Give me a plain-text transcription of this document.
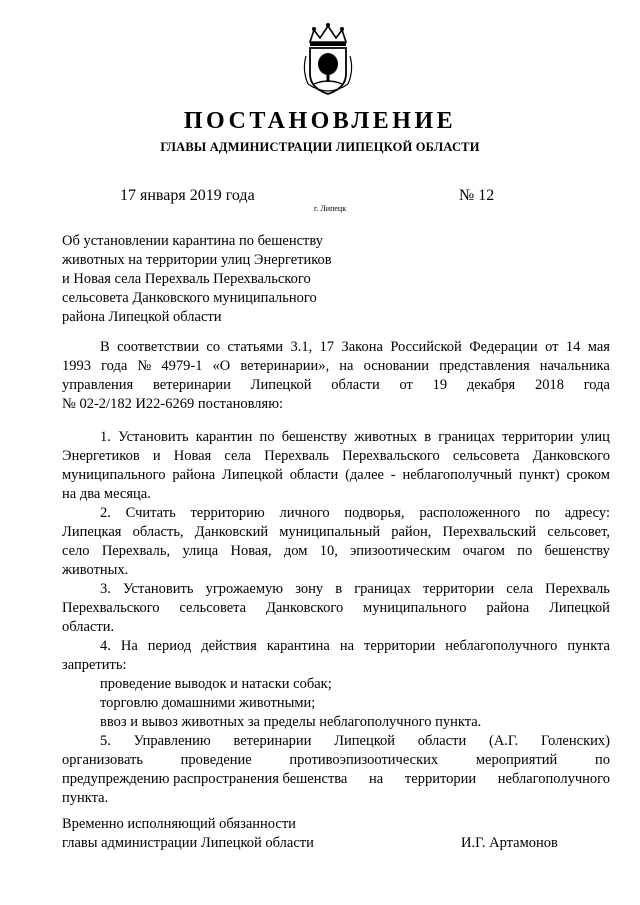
ПОСТАНОВЛЕНИЕ
ГЛАВЫ АДМИНИСТРАЦИИ ЛИПЕЦКОЙ ОБЛАСТИ
17 января 2019 года
г. Липецк
№ 12
Об установлении карантина по бешенству
животных на территории улиц Энергетиков
и Новая села Перехваль Перехвальского
сельсовета Данковского муниципального
района Липецкой области
В соответствии со статьями 3.1, 17 Закона Российской Федерации от 14 мая
1993 года № 4979-1 «О ветеринарии», на основании представления начальника
управления ветеринарии Липецкой области от 19 декабря 2018 года
№ 02-2/182 И22-6269 постановляю:
1. Установить карантин по бешенству животных в границах территории улиц
Энергетиков и Новая села Перехваль Перехвальского сельсовета Данковского
муниципального района Липецкой области (далее - неблагополучный пункт) сроком
на два месяца.
2. Считать территорию личного подворья, расположенного по адресу:
Липецкая область, Данковский муниципальный район, Перехвальский сельсовет,
село Перехваль, улица Новая, дом 10, эпизоотическим очагом по бешенству
животных.
3. Установить угрожаемую зону в границах территории села Перехваль
Перехвальского сельсовета Данковского муниципального района Липецкой
области.
4. На период действия карантина на территории неблагополучного пункта
запретить:
проведение выводок и натаски собак;
торговлю домашними животными;
ввоз и вывоз животных за пределы неблагополучного пункта.
5. Управлению ветеринарии Липецкой области (А.Г. Голенских)
организовать	проведение	противоэпизоотических	мероприятий	по
предупреждению распространения бешенства на территории неблагополучного
пункта.
Временно исполняющий обязанности
главы администрации Липецкой области	И.Г. Артамонов
